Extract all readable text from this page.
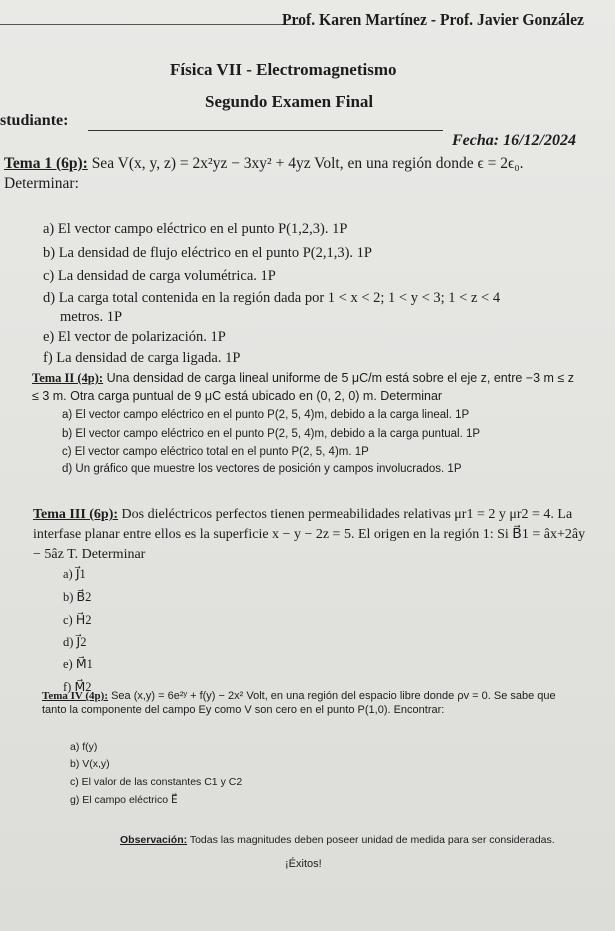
Prof. Karen Martínez - Prof. Javier González
Física VII - Electromagnetismo
Segundo Examen Final
studiante:
Fecha: 16/12/2024
Tema 1 (6p): Sea V(x, y, z) = 2x²yz − 3xy² + 4yz Volt, en una región donde ϵ = 2ϵ₀. Determinar:
a) El vector campo eléctrico en el punto P(1,2,3). 1P
b) La densidad de flujo eléctrico en el punto P(2,1,3). 1P
c) La densidad de carga volumétrica. 1P
d) La carga total contenida en la región dada por 1 < x < 2; 1 < y < 3; 1 < z < 4
metros. 1P
e) El vector de polarización. 1P
f) La densidad de carga ligada. 1P
Tema II (4p): Una densidad de carga lineal uniforme de 5 μC/m está sobre el eje z, entre −3 m ≤ z ≤ 3 m. Otra carga puntual de 9 μC está ubicado en (0, 2, 0) m. Determinar
a) El vector campo eléctrico en el punto P(2, 5, 4)m, debido a la carga lineal. 1P
b) El vector campo eléctrico en el punto P(2, 5, 4)m, debido a la carga puntual. 1P
c) El vector campo eléctrico total en el punto P(2, 5, 4)m. 1P
d) Un gráfico que muestre los vectores de posición y campos involucrados. 1P
Tema III (6p): Dos dieléctricos perfectos tienen permeabilidades relativas μr1 = 2 y μr2 = 4. La interfase planar entre ellos es la superficie x − y − 2z = 5. El origen en la región 1: Si B⃗1 = âx+2ây − 5âz T. Determinar
a) J⃗1
b) B⃗2
c) H⃗2
d) J⃗2
e) M⃗1
f) M⃗2
Tema IV (4p): Sea (x,y) = 6e²ʸ + f(y) − 2x² Volt, en una región del espacio libre donde ρv = 0. Se sabe que tanto la componente del campo Ey como V son cero en el punto P(1,0). Encontrar:
a) f(y)
b) V(x,y)
c) El valor de las constantes C1 y C2
g) El campo eléctrico E⃗
Observación: Todas las magnitudes deben poseer unidad de medida para ser consideradas.
¡Éxitos!
